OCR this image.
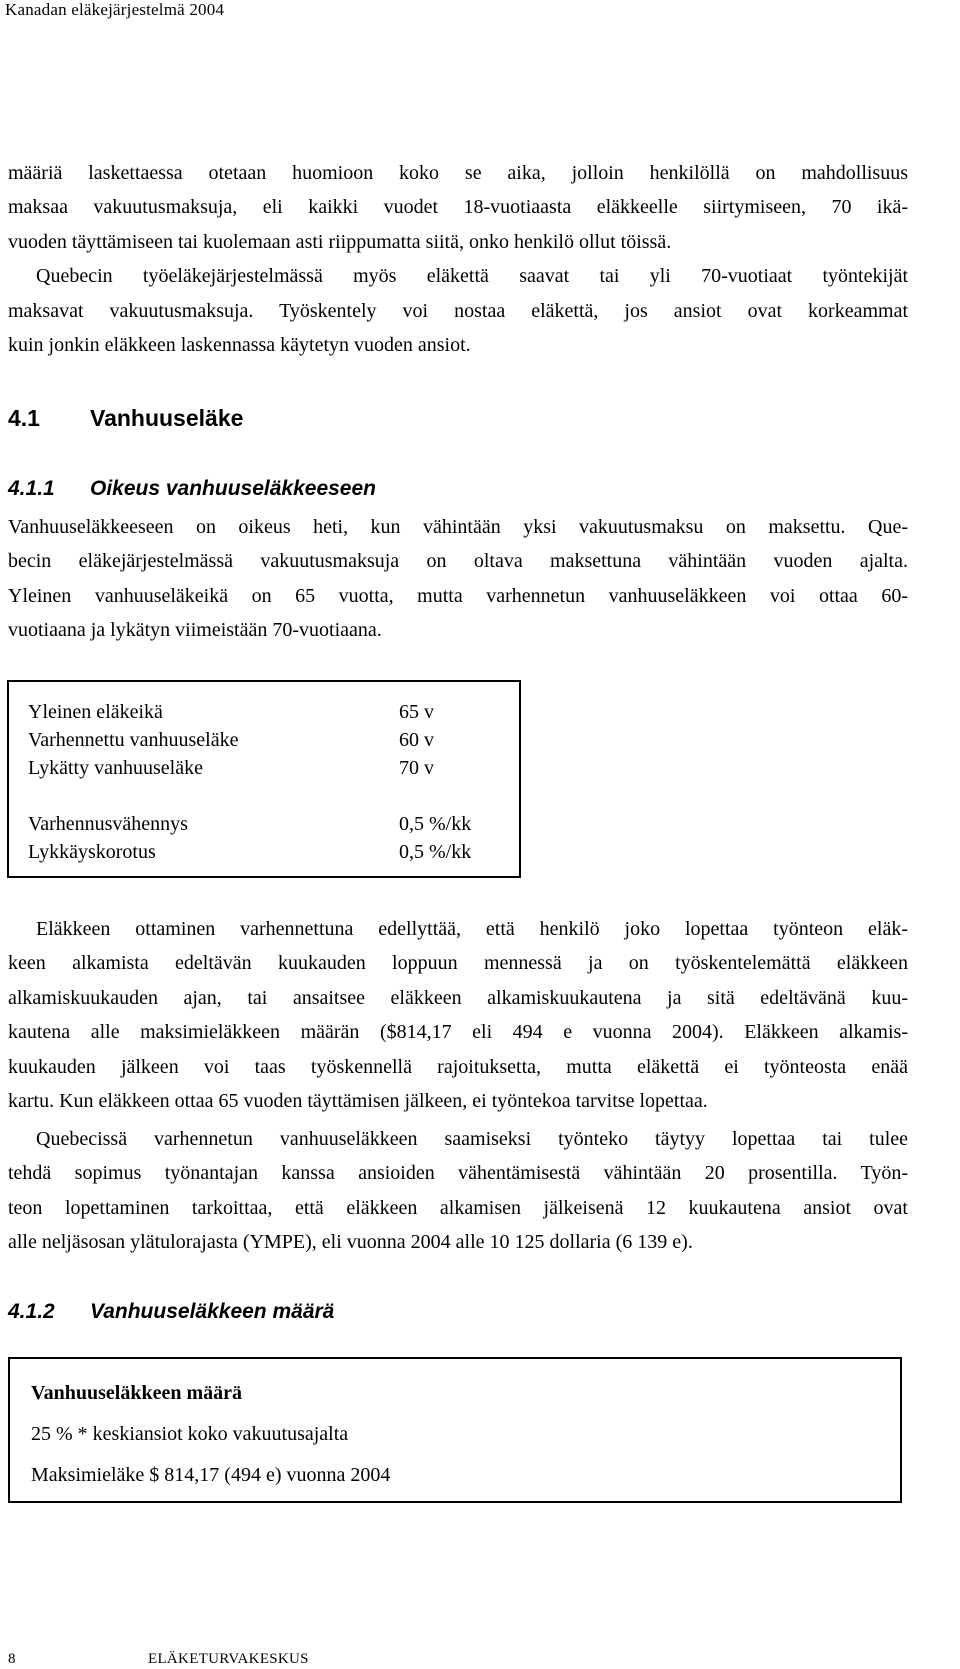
Kanadan eläkejärjestelmä 2004
määriä laskettaessa otetaan huomioon koko se aika, jolloin henkilöllä on mahdollisuus
maksaa vakuutusmaksuja, eli kaikki vuodet 18-vuotiaasta eläkkeelle siirtymiseen, 70 ikä-
vuoden täyttämiseen tai kuolemaan asti riippumatta siitä, onko henkilö ollut töissä.
Quebecin työeläkejärjestelmässä myös eläkettä saavat tai yli 70-vuotiaat työntekijät
maksavat vakuutusmaksuja. Työskentely voi nostaa eläkettä, jos ansiot ovat korkeammat
kuin jonkin eläkkeen laskennassa käytetyn vuoden ansiot.
4.1 Vanhuuseläke
4.1.1 Oikeus vanhuuseläkkeeseen
Vanhuuseläkkeeseen on oikeus heti, kun vähintään yksi vakuutusmaksu on maksettu. Que-
becin eläkejärjestelmässä vakuutusmaksuja on oltava maksettuna vähintään vuoden ajalta.
Yleinen vanhuuseläkeikä on 65 vuotta, mutta varhennetun vanhuuseläkkeen voi ottaa 60-
vuotiaana ja lykätyn viimeistään 70-vuotiaana.
Yleinen eläkeikä	65 v
Varhennettu vanhuuseläke	60 v
Lykätty vanhuuseläke	70 v
Varhennusvähennys	0,5 %/kk
Lykkäyskorotus	0,5 %/kk
Eläkkeen ottaminen varhennettuna edellyttää, että henkilö joko lopettaa työnteon eläk-
keen alkamista edeltävän kuukauden loppuun mennessä ja on työskentelemättä eläkkeen
alkamiskuukauden ajan, tai ansaitsee eläkkeen alkamiskuukautena ja sitä edeltävänä kuu-
kautena alle maksimieläkkeen määrän ($814,17 eli 494 e vuonna 2004). Eläkkeen alkamis-
kuukauden jälkeen voi taas työskennellä rajoituksetta, mutta eläkettä ei työnteosta enää
kartu. Kun eläkkeen ottaa 65 vuoden täyttämisen jälkeen, ei työntekoa tarvitse lopettaa.
Quebecissä varhennetun vanhuuseläkkeen saamiseksi työnteko täytyy lopettaa tai tulee
tehdä sopimus työnantajan kanssa ansioiden vähentämisestä vähintään 20 prosentilla. Työn-
teon lopettaminen tarkoittaa, että eläkkeen alkamisen jälkeisenä 12 kuukautena ansiot ovat
alle neljäsosan ylätulorajasta (YMPE), eli vuonna 2004 alle 10 125 dollaria (6 139 e).
4.1.2 Vanhuuseläkkeen määrä
Vanhuuseläkkeen määrä
25 % * keskiansiot koko vakuutusajalta
Maksimieläke $ 814,17 (494 e) vuonna 2004
8	ELÄKETURVAKESKUS
